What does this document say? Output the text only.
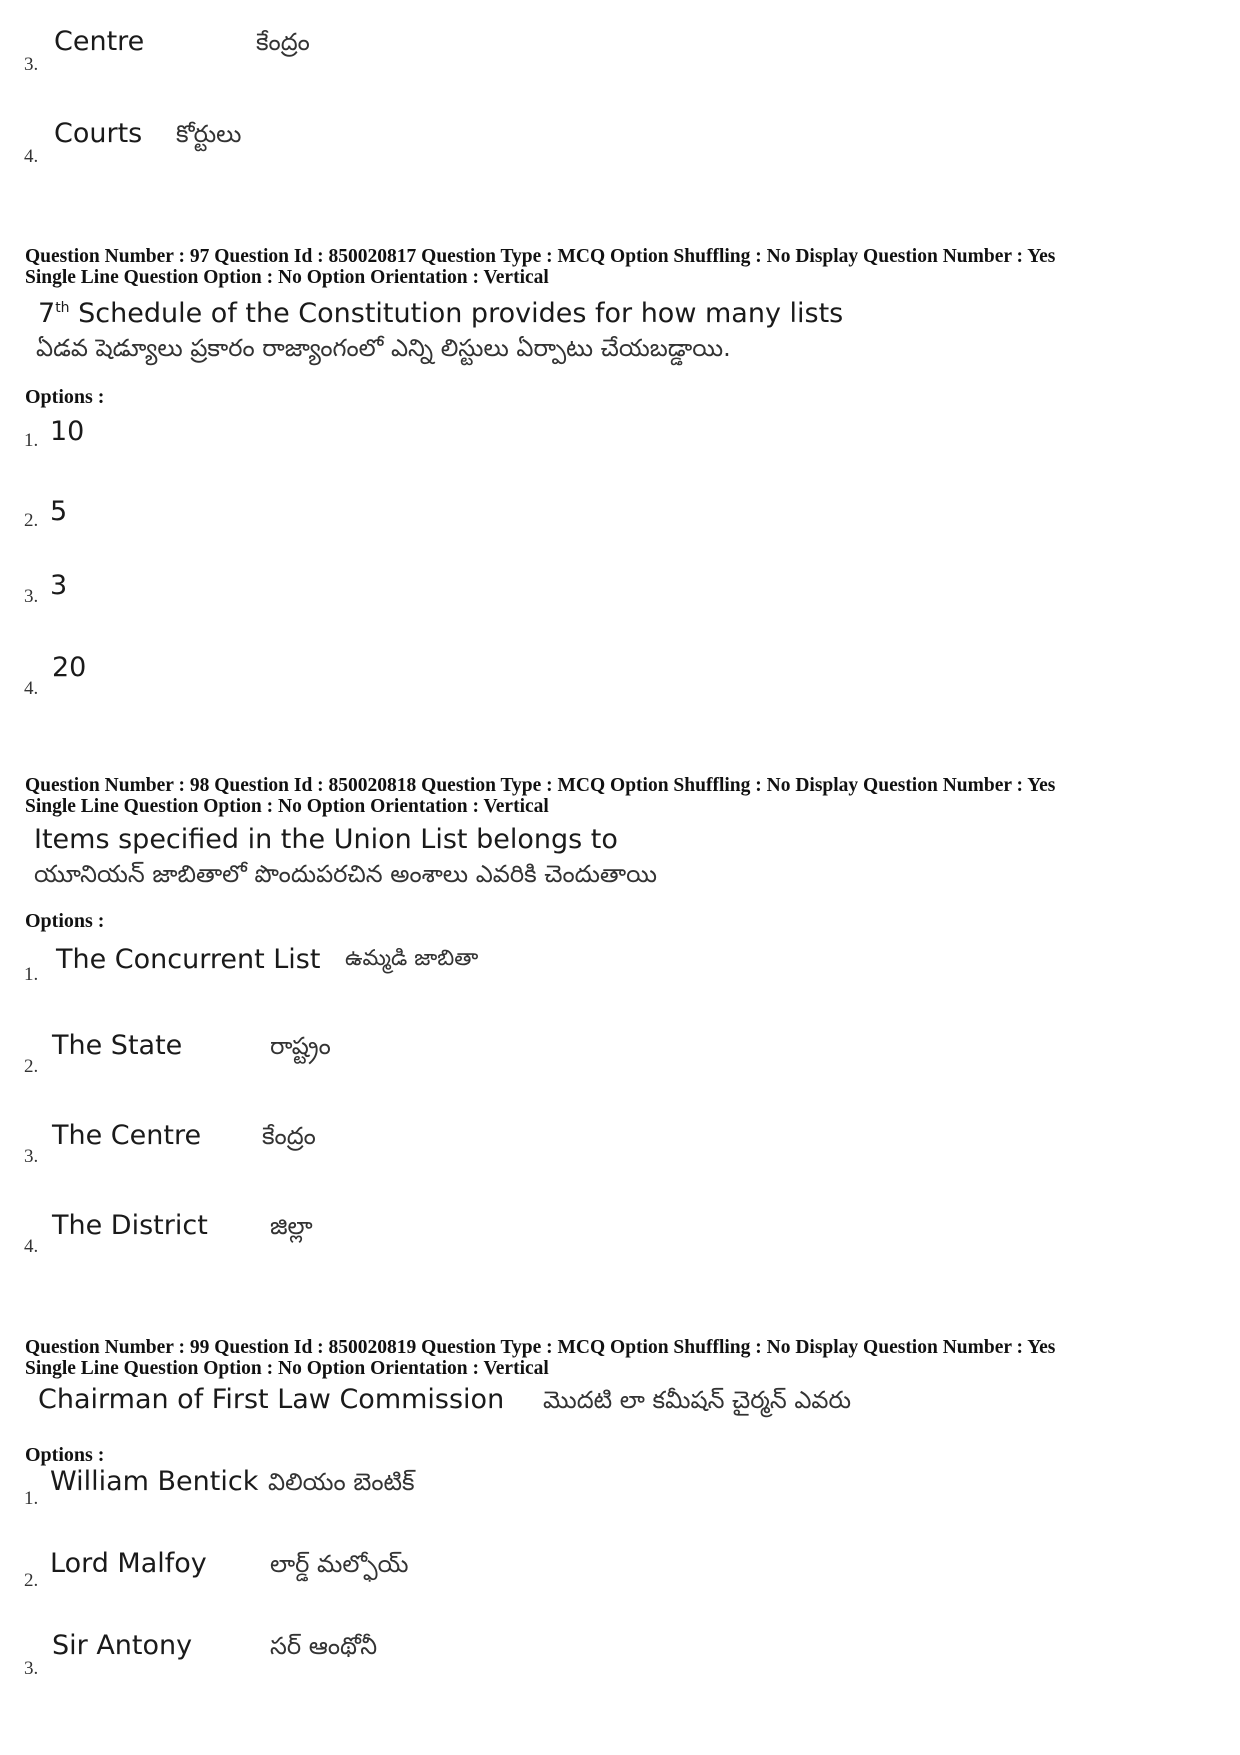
3.
Centre	కేంద్రం
4.
Courts కోర్టులు
Question Number : 97 Question Id : 850020817 Question Type : MCQ Option Shuffling : No Display Question Number : Yes
Single Line Question Option : No Option Orientation : Vertical
7th Schedule of the Constitution provides for how many lists
ఏడవ షెడ్యూలు ప్రకారం రాజ్యాంగంలో ఎన్ని లిస్టులు ఏర్పాటు చేయబడ్డాయి.
Options :
1. 10
2. 5
3. 3
4.
20
Question Number : 98 Question Id : 850020818 Question Type : MCQ Option Shuffling : No Display Question Number : Yes
Single Line Question Option : No Option Orientation : Vertical
Items specified in the Union List belongs to
యూనియన్ జాబితాలో పొందుపరచిన అంశాలు ఎవరికి చెందుతాయి
Options :
1. The Concurrent List ఉమ్మడి జాబితా
2.
The State	రాష్ట్రం
3.
The Centre	కేంద్రం
4.
The District	జిల్లా
Question Number : 99 Question Id : 850020819 Question Type : MCQ Option Shuffling : No Display Question Number : Yes
Single Line Question Option : No Option Orientation : Vertical
Chairman of First Law Commission మొదటి లా కమీషన్ చైర్మన్ ఎవరు
Options :
1.
William Bentick విలియం బెంటిక్
2.
Lord Malfoy	లార్డ్ మల్ఫోయ్
3.
Sir Antony	సర్ ఆంథోనీ
